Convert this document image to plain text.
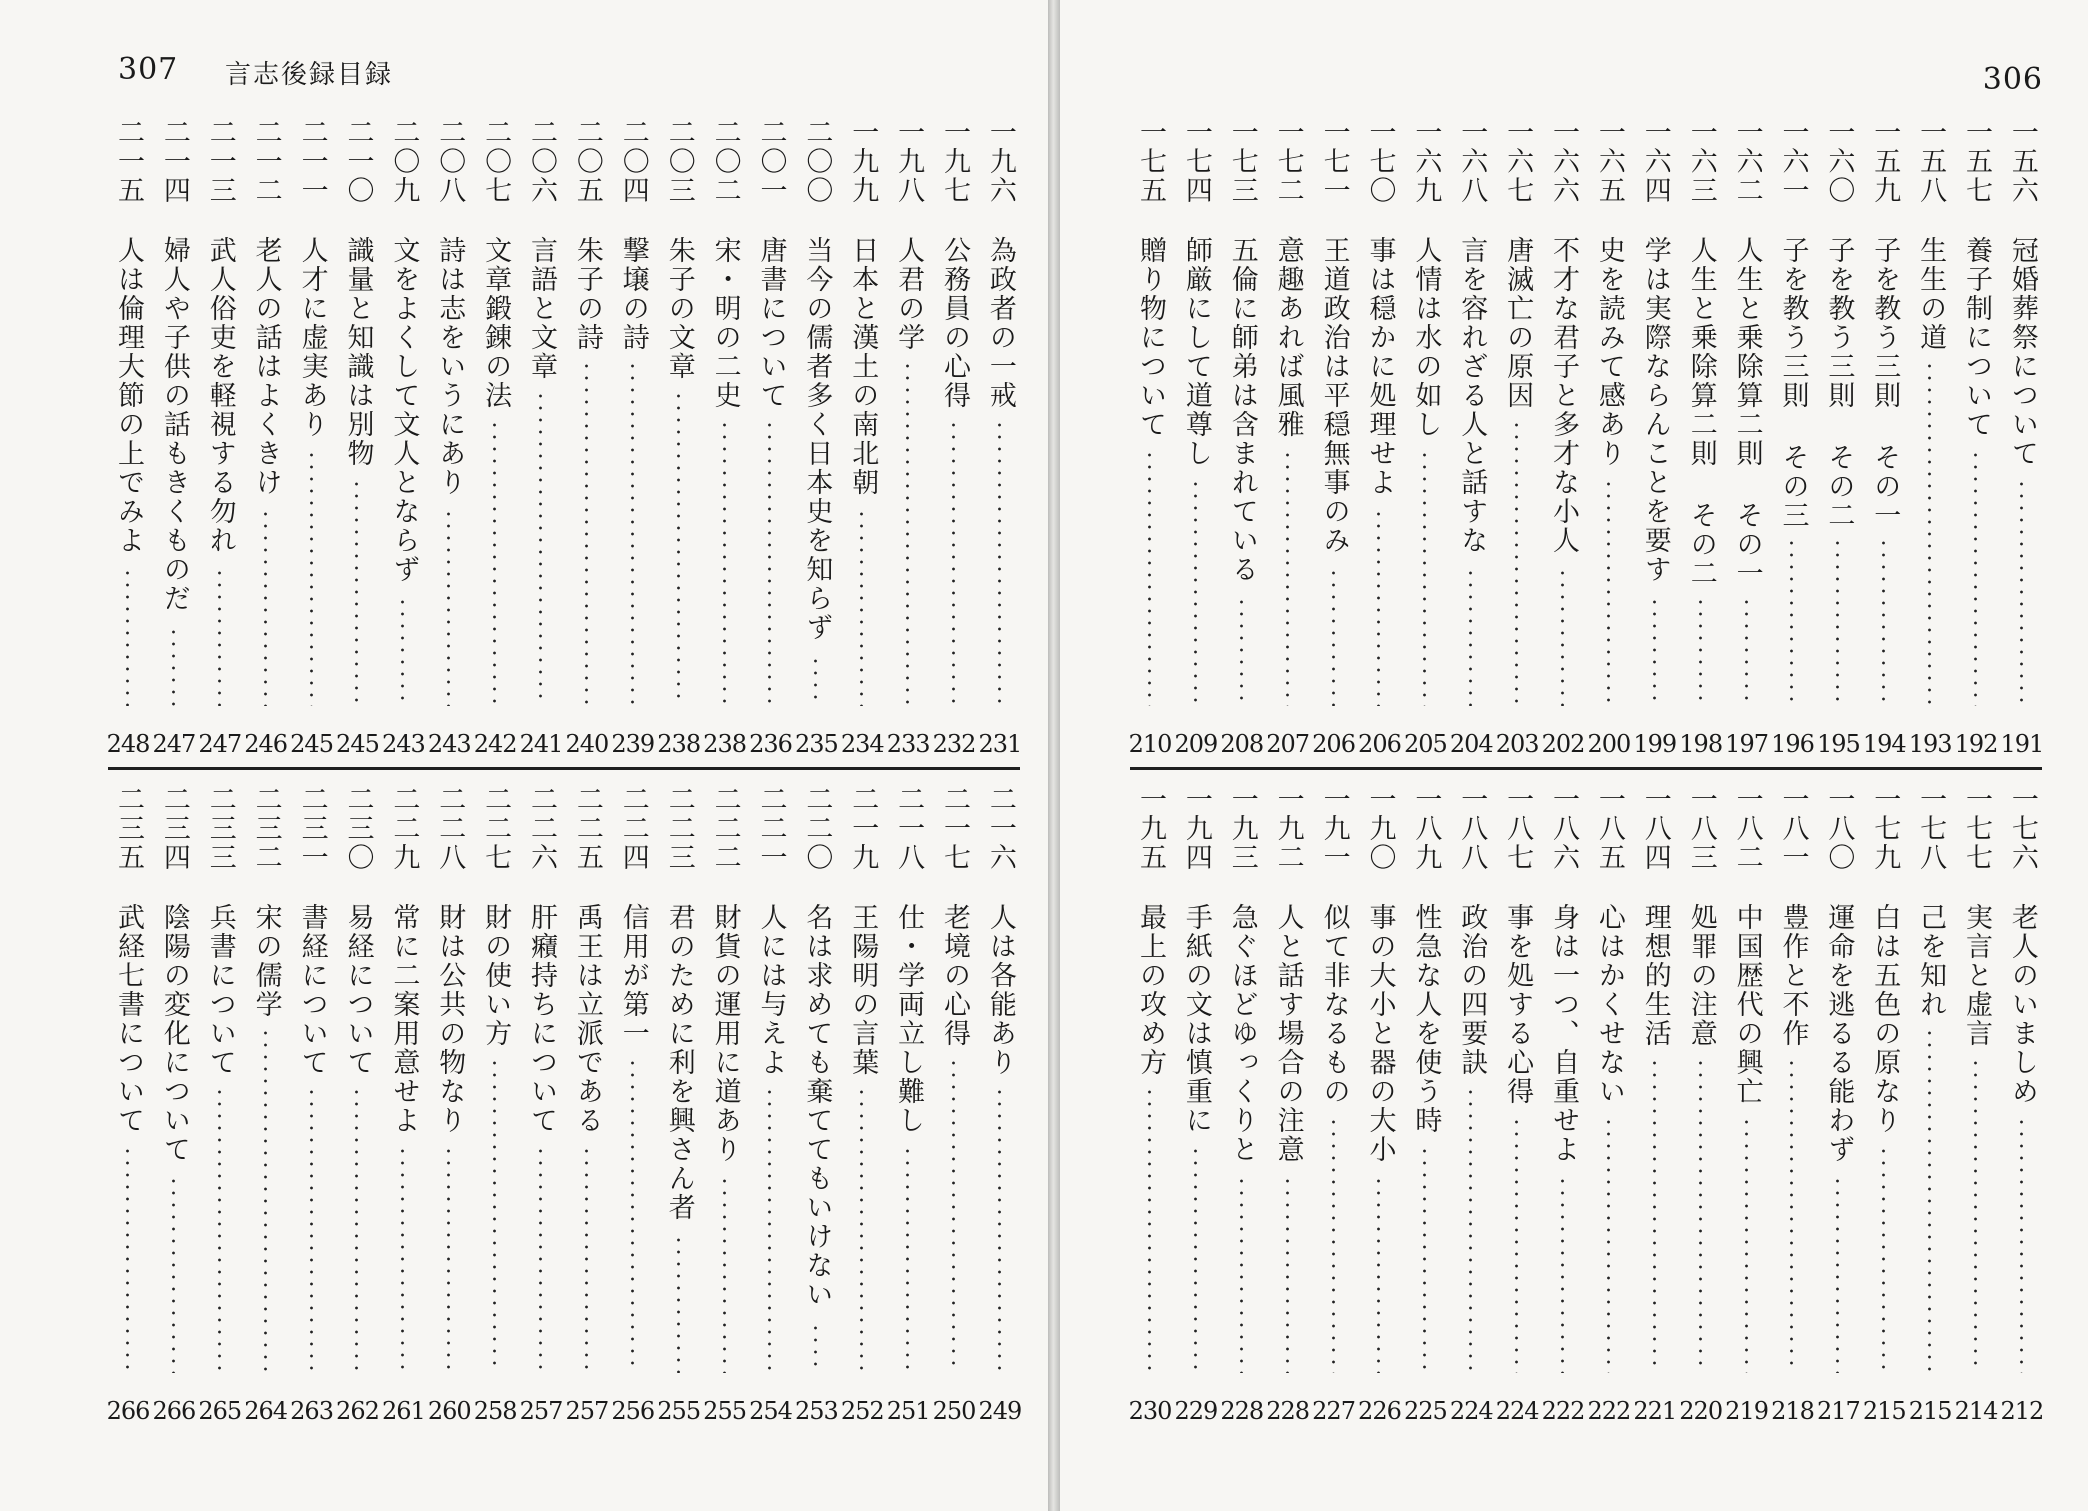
307 言志後録目録
一九六
為政者の一戒
231
一九七
公務員の心得
232
一九八
人君の学
233
一九九
日本と漢土の南北朝
234
二〇〇
当今の儒者多く日本史を知らず
235
二〇一
唐書について
236
二〇二
宋・明の二史
238
二〇三
朱子の文章
238
二〇四
撃壌の詩
239
二〇五
朱子の詩
240
二〇六
言語と文章
241
二〇七
文章鍛錬の法
242
二〇八
詩は志をいうにあり
243
二〇九
文をよくして文人とならず
243
二一〇
識量と知識は別物
245
二一一
人才に虚実あり
245
二一二
老人の話はよくきけ
246
二一三
武人俗吏を軽視する勿れ
247
二一四
婦人や子供の話もきくものだ
247
二一五
人は倫理大節の上でみよ
248
二一六
人は各能あり
249
二一七
老境の心得
250
二一八
仕・学両立し難し
251
二一九
王陽明の言葉
252
二二〇
名は求めても棄ててもいけない
253
二二一
人には与えよ
254
二二二
財貨の運用に道あり
255
二二三
君のために利を興さん者
255
二二四
信用が第一
256
二二五
禹王は立派である
257
二二六
肝癪持ちについて
257
二二七
財の使い方
258
二二八
財は公共の物なり
260
二二九
常に二案用意せよ
261
二三〇
易経について
262
二三一
書経について
263
二三二
宋の儒学
264
二三三
兵書について
265
二三四
陰陽の変化について
266
二三五
武経七書について
266
306
一五六
冠婚葬祭について
191
一五七
養子制について
192
一五八
生生の道
193
一五九
子を教う三則 その一
194
一六〇
子を教う三則 その二
195
一六一
子を教う三則 その三
196
一六二
人生と乗除算二則 その一
197
一六三
人生と乗除算二則 その二
198
一六四
学は実際ならんことを要す
199
一六五
史を読みて感あり
200
一六六
不才な君子と多才な小人
202
一六七
唐滅亡の原因
203
一六八
言を容れざる人と話すな
204
一六九
人情は水の如し
205
一七〇
事は穏かに処理せよ
206
一七一
王道政治は平穏無事のみ
206
一七二
意趣あれば風雅
207
一七三
五倫に師弟は含まれている
208
一七四
師厳にして道尊し
209
一七五
贈り物について
210
一七六
老人のいましめ
212
一七七
実言と虚言
214
一七八
己を知れ
215
一七九
白は五色の原なり
215
一八〇
運命を逃るる能わず
217
一八一
豊作と不作
218
一八二
中国歴代の興亡
219
一八三
処罪の注意
220
一八四
理想的生活
221
一八五
心はかくせない
222
一八六
身は一つ、自重せよ
222
一八七
事を処する心得
224
一八八
政治の四要訣
224
一八九
性急な人を使う時
225
一九〇
事の大小と器の大小
226
一九一
似て非なるもの
227
一九二
人と話す場合の注意
228
一九三
急ぐほどゆっくりと
228
一九四
手紙の文は慎重に
229
一九五
最上の攻め方
230
